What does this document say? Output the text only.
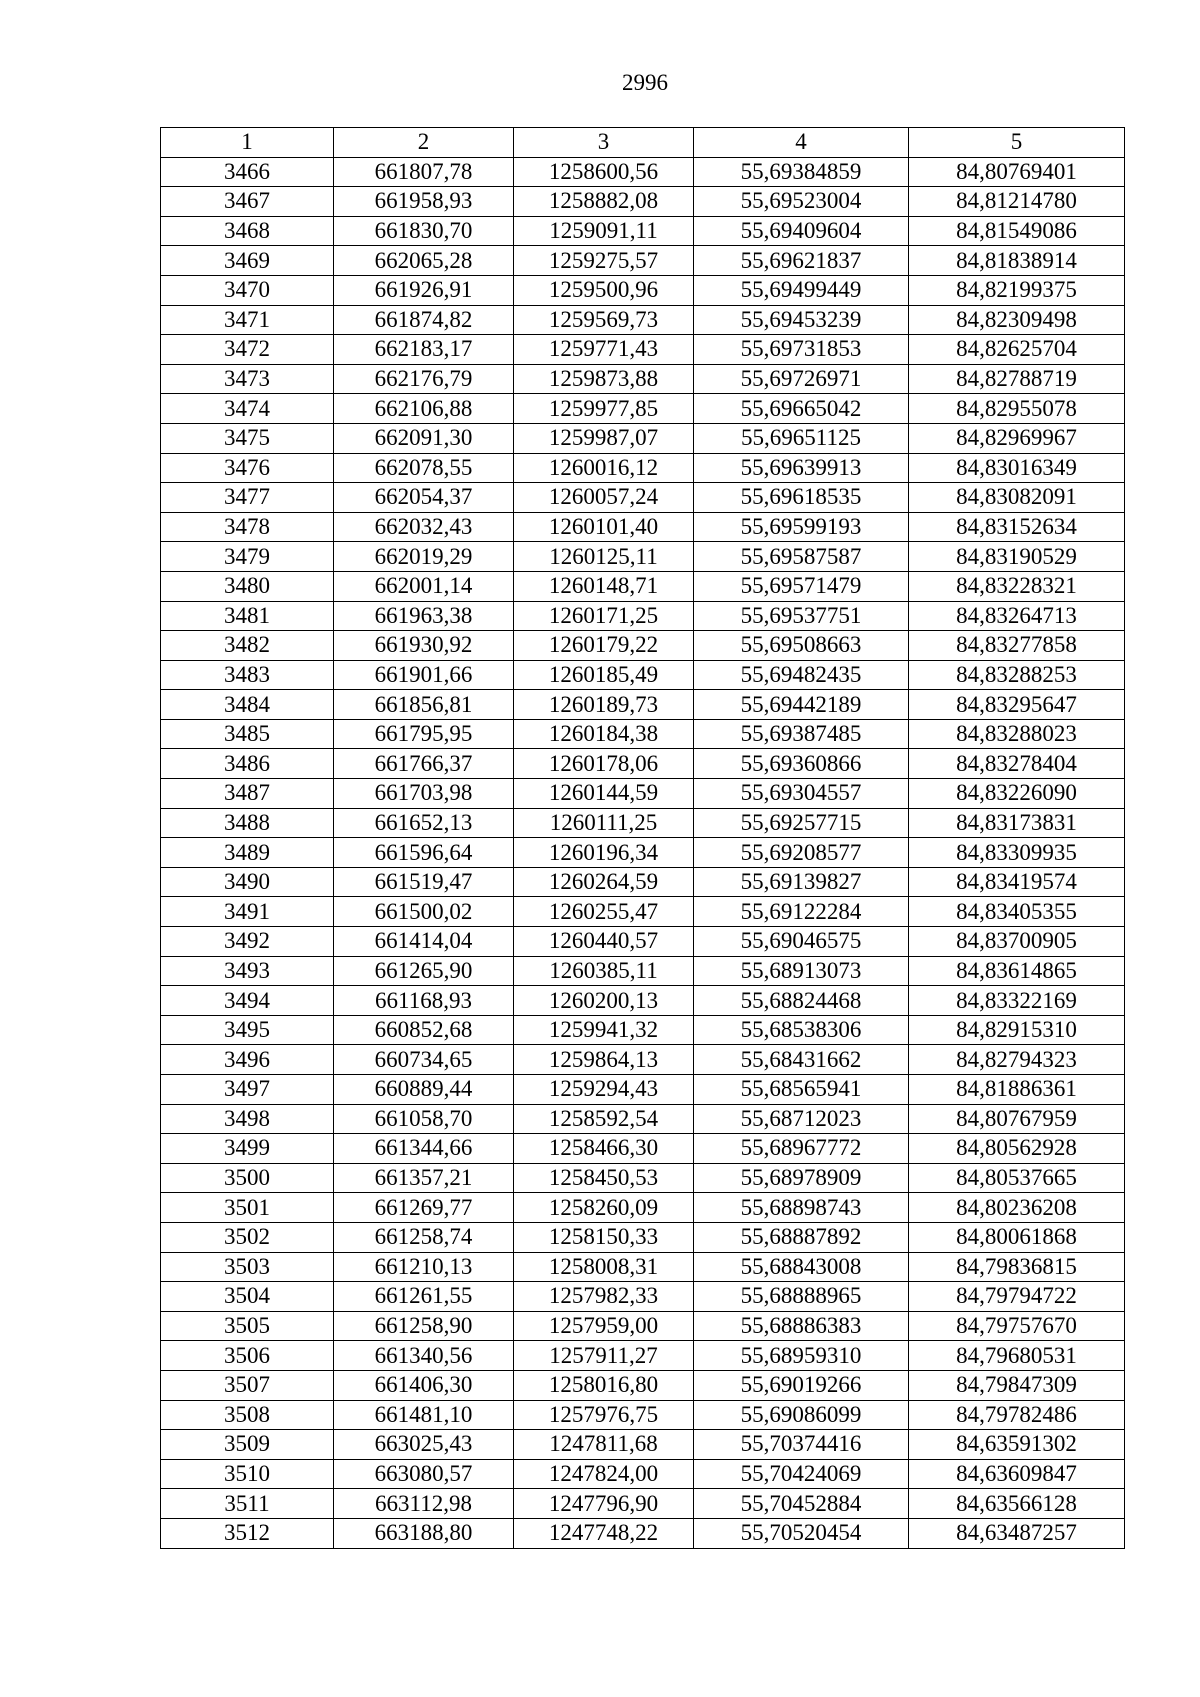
2996
1	2	3	4	5
3466	661807,78	1258600,56	55,69384859	84,80769401
3467	661958,93	1258882,08	55,69523004	84,81214780
3468	661830,70	1259091,11	55,69409604	84,81549086
3469	662065,28	1259275,57	55,69621837	84,81838914
3470	661926,91	1259500,96	55,69499449	84,82199375
3471	661874,82	1259569,73	55,69453239	84,82309498
3472	662183,17	1259771,43	55,69731853	84,82625704
3473	662176,79	1259873,88	55,69726971	84,82788719
3474	662106,88	1259977,85	55,69665042	84,82955078
3475	662091,30	1259987,07	55,69651125	84,82969967
3476	662078,55	1260016,12	55,69639913	84,83016349
3477	662054,37	1260057,24	55,69618535	84,83082091
3478	662032,43	1260101,40	55,69599193	84,83152634
3479	662019,29	1260125,11	55,69587587	84,83190529
3480	662001,14	1260148,71	55,69571479	84,83228321
3481	661963,38	1260171,25	55,69537751	84,83264713
3482	661930,92	1260179,22	55,69508663	84,83277858
3483	661901,66	1260185,49	55,69482435	84,83288253
3484	661856,81	1260189,73	55,69442189	84,83295647
3485	661795,95	1260184,38	55,69387485	84,83288023
3486	661766,37	1260178,06	55,69360866	84,83278404
3487	661703,98	1260144,59	55,69304557	84,83226090
3488	661652,13	1260111,25	55,69257715	84,83173831
3489	661596,64	1260196,34	55,69208577	84,83309935
3490	661519,47	1260264,59	55,69139827	84,83419574
3491	661500,02	1260255,47	55,69122284	84,83405355
3492	661414,04	1260440,57	55,69046575	84,83700905
3493	661265,90	1260385,11	55,68913073	84,83614865
3494	661168,93	1260200,13	55,68824468	84,83322169
3495	660852,68	1259941,32	55,68538306	84,82915310
3496	660734,65	1259864,13	55,68431662	84,82794323
3497	660889,44	1259294,43	55,68565941	84,81886361
3498	661058,70	1258592,54	55,68712023	84,80767959
3499	661344,66	1258466,30	55,68967772	84,80562928
3500	661357,21	1258450,53	55,68978909	84,80537665
3501	661269,77	1258260,09	55,68898743	84,80236208
3502	661258,74	1258150,33	55,68887892	84,80061868
3503	661210,13	1258008,31	55,68843008	84,79836815
3504	661261,55	1257982,33	55,68888965	84,79794722
3505	661258,90	1257959,00	55,68886383	84,79757670
3506	661340,56	1257911,27	55,68959310	84,79680531
3507	661406,30	1258016,80	55,69019266	84,79847309
3508	661481,10	1257976,75	55,69086099	84,79782486
3509	663025,43	1247811,68	55,70374416	84,63591302
3510	663080,57	1247824,00	55,70424069	84,63609847
3511	663112,98	1247796,90	55,70452884	84,63566128
3512	663188,80	1247748,22	55,70520454	84,63487257
